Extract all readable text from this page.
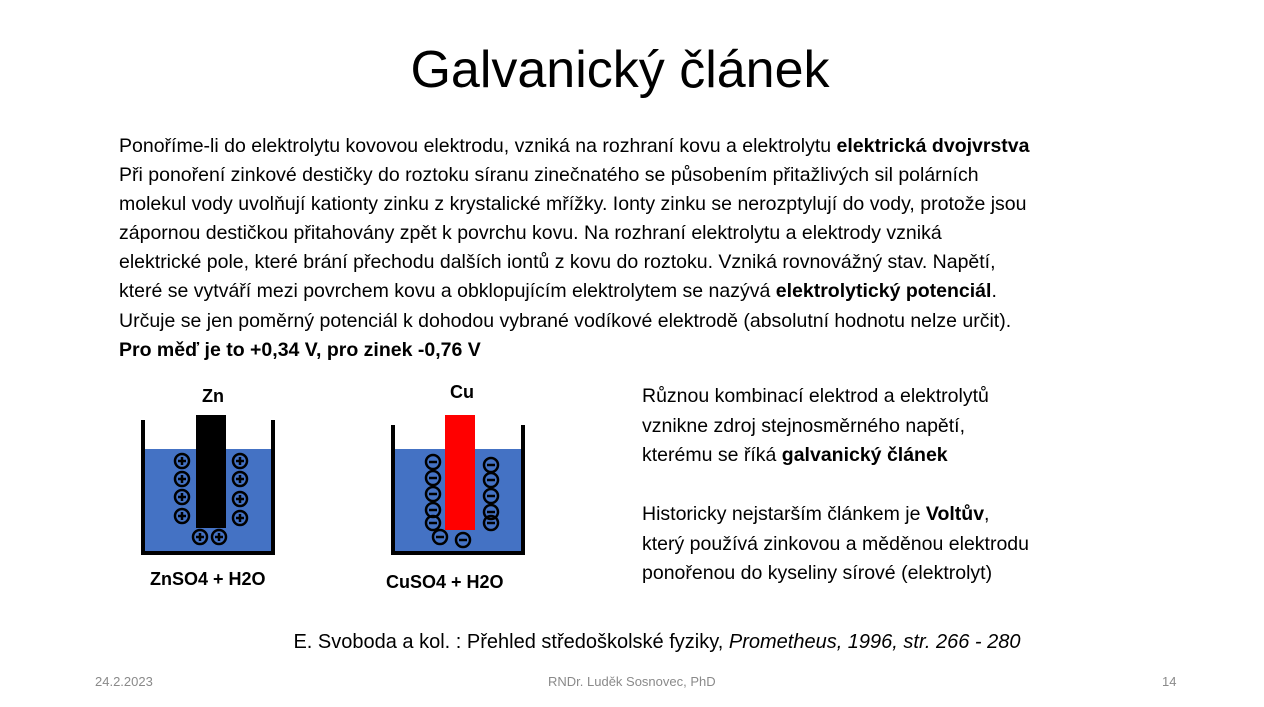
Galvanický článek
Ponoříme-li do elektrolytu kovovou elektrodu, vzniká na rozhraní kovu a elektrolytu elektrická dvojvrstva
Při ponoření zinkové destičky do roztoku síranu zinečnatého se působením přitažlivých sil polárních
molekul vody uvolňují kationty zinku z krystalické mřížky. Ionty zinku se nerozptylují do vody, protože jsou
zápornou destičkou přitahovány zpět k povrchu kovu. Na rozhraní elektrolytu a elektrody vzniká
elektrické pole, které brání přechodu dalších iontů z kovu do roztoku. Vzniká rovnovážný stav. Napětí,
které se vytváří mezi povrchem kovu a obklopujícím elektrolytem se nazývá elektrolytický potenciál.
Určuje se jen poměrný potenciál k dohodou vybrané vodíkové elektrodě (absolutní hodnotu nelze určit).
Pro měď je to +0,34 V, pro zinek -0,76 V
Zn
ZnSO4 + H2O
Cu
CuSO4 + H2O
Různou kombinací elektrod a elektrolytů
vznikne zdroj stejnosměrného napětí,
kterému se říká galvanický článek
Historicky nejstarším článkem je Voltův,
který používá zinkovou a měděnou elektrodu
ponořenou do kyseliny sírové (elektrolyt)
E. Svoboda a kol. : Přehled středoškolské fyziky, Prometheus, 1996, str. 266 - 280
24.2.2023	RNDr. Luděk Sosnovec, PhD	14
